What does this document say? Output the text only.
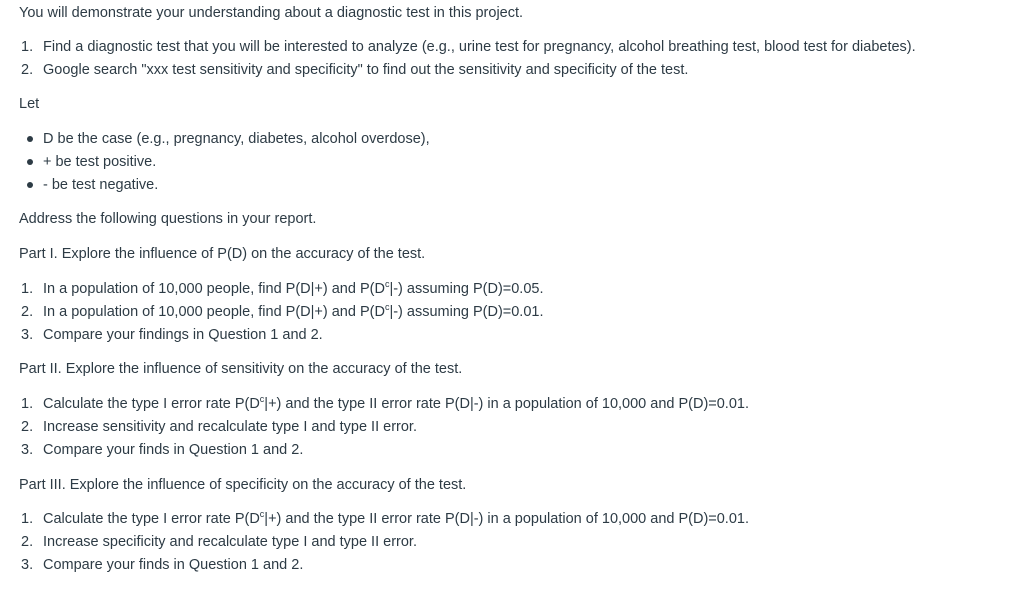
You will demonstrate your understanding about a diagnostic test in this project.

1. Find a diagnostic test that you will be interested to analyze (e.g., urine test for pregnancy, alcohol breathing test, blood test for diabetes).

2. Google search "xxx test sensitivity and specificity" to find out the sensitivity and specificity of the test.

Let

D be the case (e.g., pregnancy, diabetes, alcohol overdose),

+ be test positive.

- be test negative.

Address the following questions in your report.

Part I. Explore the influence of P(D) on the accuracy of the test.

1. In a population of 10,000 people, find P(D|+) and $P(D^c|-)$ assuming P(D)=0.05.

2. In a population of 10,000 people, find P(D|+) and $P(D^c|-)$ assuming P(D)=0.01.

3. Compare your findings in Question 1 and 2.

Part II. Explore the influence of sensitivity on the accuracy of the test.

1. Calculate the type I error rate $P(D^c|+)$ and the type II error rate P(D|-) in a population of 10,000 and P(D)=0.01.

2. Increase sensitivity and recalculate type I and type II error.

3. Compare your finds in Question 1 and 2.

Part III. Explore the influence of specificity on the accuracy of the test.

1. Calculate the type I error rate $P(D^c|+)$ and the type II error rate P(D|-) in a population of 10,000 and P(D)=0.01.

2. Increase specificity and recalculate type I and type II error.

3. Compare your finds in Question 1 and 2.
